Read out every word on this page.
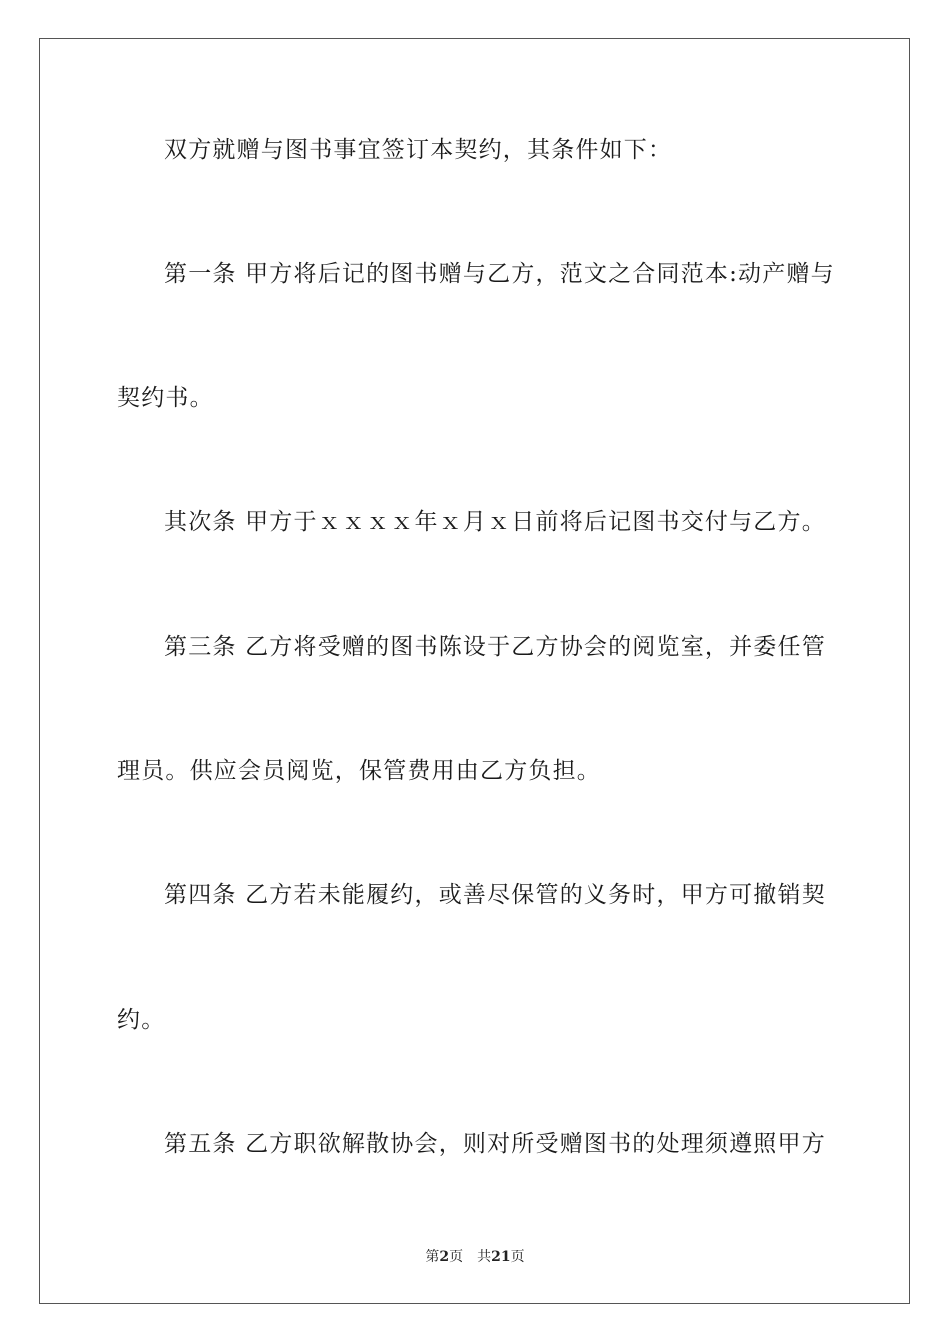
双方就赠与图书事宜签订本契约，其条件如下：
第一条 甲方将后记的图书赠与乙方，范文之合同范本:动产赠与
契约书。
其次条 甲方于ｘｘｘｘ年ｘ月ｘ日前将后记图书交付与乙方。
第三条 乙方将受赠的图书陈设于乙方协会的阅览室，并委任管
理员。供应会员阅览，保管费用由乙方负担。
第四条 乙方若未能履约，或善尽保管的义务时，甲方可撤销契
约。
第五条 乙方职欲解散协会，则对所受赠图书的处理须遵照甲方
第2页 共21页
